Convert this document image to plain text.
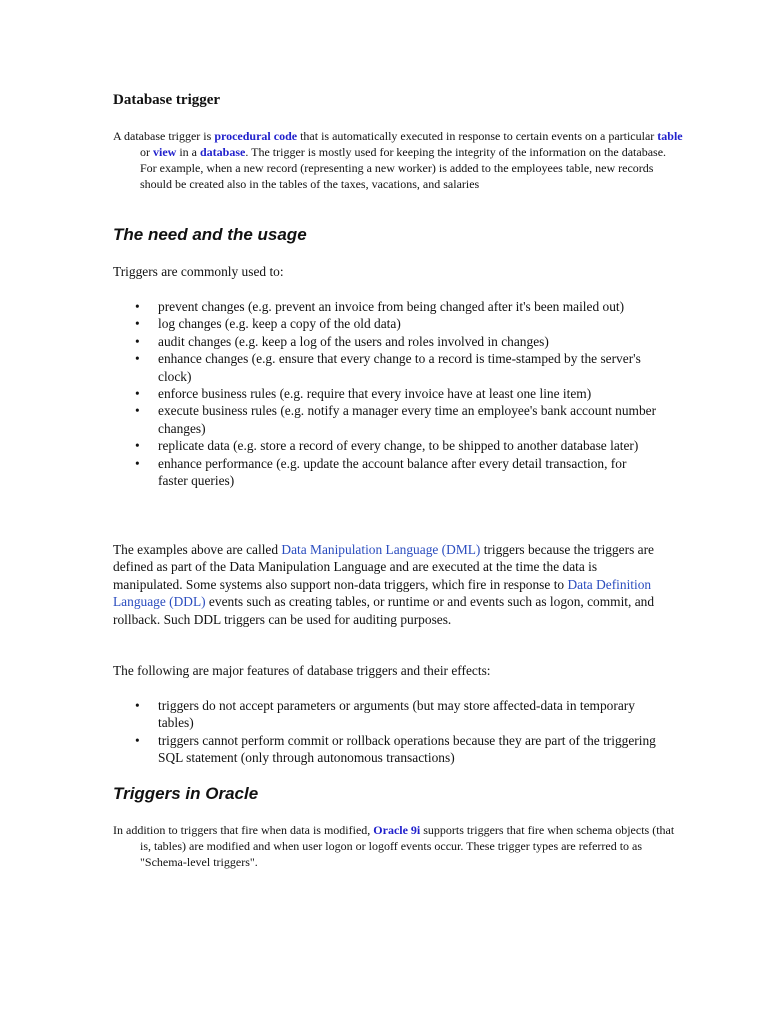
Database trigger

A database trigger is procedural code that is automatically executed in response to certain events on a particular table or view in a database. The trigger is mostly used for keeping the integrity of the information on the database. For example, when a new record (representing a new worker) is added to the employees table, new records should be created also in the tables of the taxes, vacations, and salaries

The need and the usage

Triggers are commonly used to:

• prevent changes (e.g. prevent an invoice from being changed after it's been mailed out)
• log changes (e.g. keep a copy of the old data)
• audit changes (e.g. keep a log of the users and roles involved in changes)
• enhance changes (e.g. ensure that every change to a record is time-stamped by the server's clock)
• enforce business rules (e.g. require that every invoice have at least one line item)
• execute business rules (e.g. notify a manager every time an employee's bank account number changes)
• replicate data (e.g. store a record of every change, to be shipped to another database later)
• enhance performance (e.g. update the account balance after every detail transaction, for faster queries)

The examples above are called Data Manipulation Language (DML) triggers because the triggers are defined as part of the Data Manipulation Language and are executed at the time the data is manipulated. Some systems also support non-data triggers, which fire in response to Data Definition Language (DDL) events such as creating tables, or runtime or and events such as logon, commit, and rollback. Such DDL triggers can be used for auditing purposes.

The following are major features of database triggers and their effects:

• triggers do not accept parameters or arguments (but may store affected-data in temporary tables)
• triggers cannot perform commit or rollback operations because they are part of the triggering SQL statement (only through autonomous transactions)
Triggers in Oracle

In addition to triggers that fire when data is modified, Oracle 9i supports triggers that fire when schema objects (that is, tables) are modified and when user logon or logoff events occur. These trigger types are referred to as "Schema-level triggers".
